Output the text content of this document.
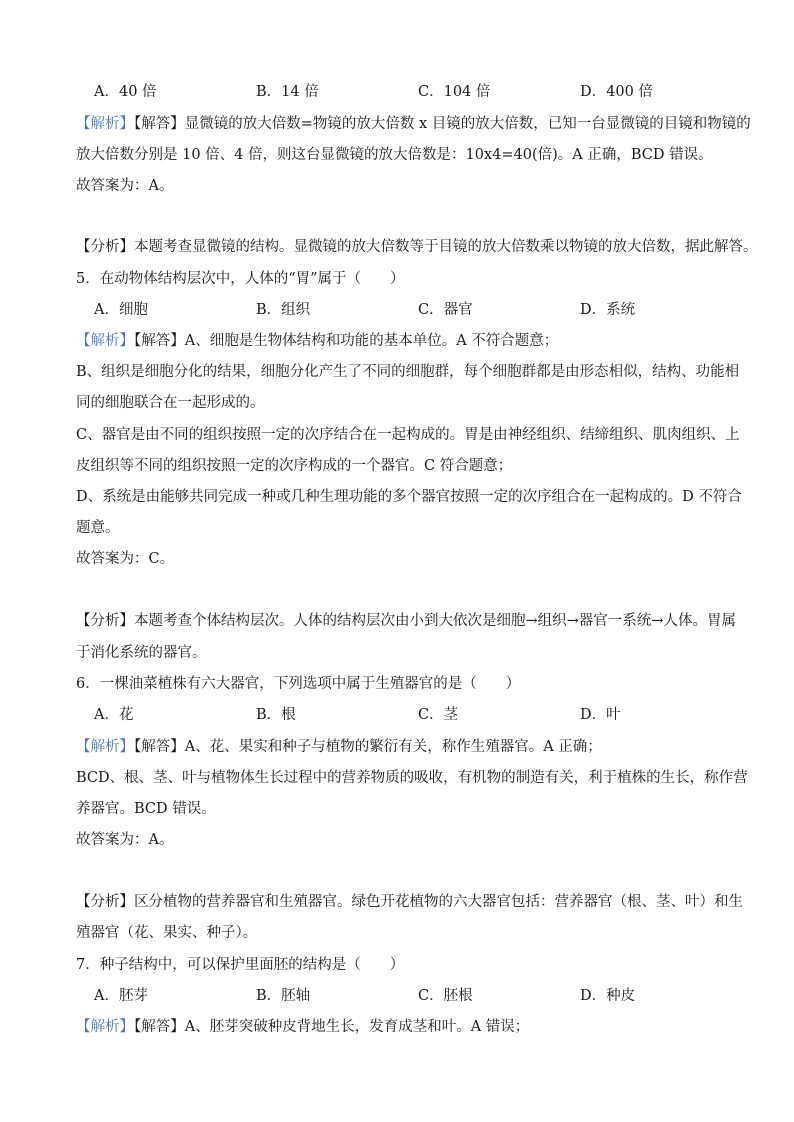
A．40 倍	B．14 倍	C．104 倍	D．400 倍
【解析】【解答】显微镜的放大倍数=物镜的放大倍数 x 目镜的放大倍数，已知一台显微镜的目镜和物镜的
放大倍数分别是 10 倍、4 倍，则这台显微镜的放大倍数是：10x4=40(倍)。A 正确，BCD 错误。
故答案为：A。
【分析】本题考查显微镜的结构。显微镜的放大倍数等于目镜的放大倍数乘以物镜的放大倍数，据此解答。
5．在动物体结构层次中，人体的“胃”属于（　　）
A．细胞	B．组织	C．器官	D．系统
【解析】【解答】A、细胞是生物体结构和功能的基本单位。A 不符合题意；
B、组织是细胞分化的结果，细胞分化产生了不同的细胞群，每个细胞群都是由形态相似，结构、功能相
同的细胞联合在一起形成的。
C、器官是由不同的组织按照一定的次序结合在一起构成的。胃是由神经组织、结缔组织、肌肉组织、上
皮组织等不同的组织按照一定的次序构成的一个器官。C 符合题意；
D、系统是由能够共同完成一种或几种生理功能的多个器官按照一定的次序组合在一起构成的。D 不符合
题意。
故答案为：C。
【分析】本题考查个体结构层次。人体的结构层次由小到大依次是细胞→组织→器官一系统→人体。胃属
于消化系统的器官。
6．一棵油菜植株有六大器官，下列选项中属于生殖器官的是（　　）
A．花	B．根	C．茎	D．叶
【解析】【解答】A、花、果实和种子与植物的繁衍有关，称作生殖器官。A 正确；
BCD、根、茎、叶与植物体生长过程中的营养物质的吸收，有机物的制造有关，利于植株的生长，称作营
养器官。BCD 错误。
故答案为：A。
【分析】区分植物的营养器官和生殖器官。绿色开花植物的六大器官包括：营养器官（根、茎、叶）和生
殖器官（花、果实、种子）。
7．种子结构中，可以保护里面胚的结构是（　　）
A．胚芽	B．胚轴	C．胚根	D．种皮
【解析】【解答】A、胚芽突破种皮背地生长，发育成茎和叶。A 错误；
